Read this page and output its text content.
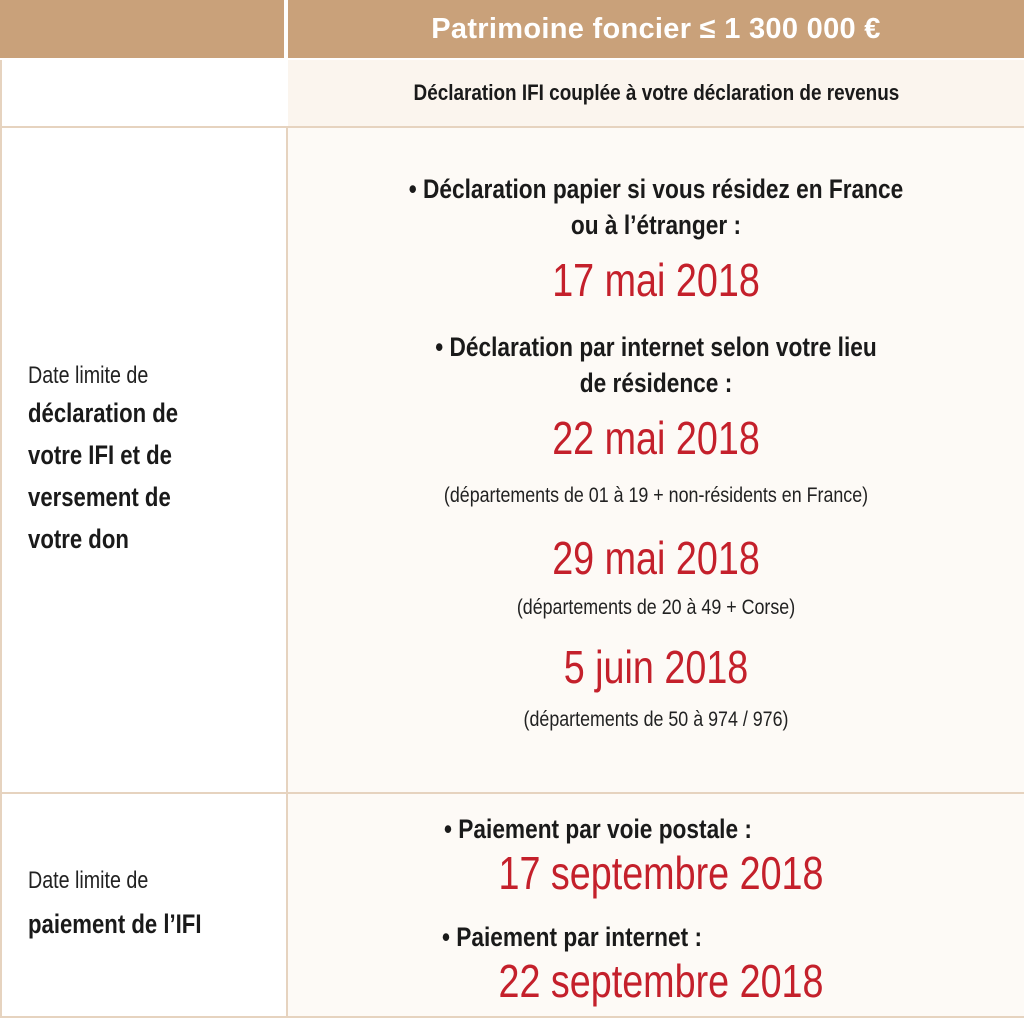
Patrimoine foncier ≤ 1 300 000 €
Déclaration IFI couplée à votre déclaration de revenus
Date limite de
déclaration de
votre IFI et de
versement de
votre don
• Déclaration papier si vous résidez en France
ou à l’étranger :
17 mai 2018
• Déclaration par internet selon votre lieu
de résidence :
22 mai 2018
(départements de 01 à 19 + non-résidents en France)
29 mai 2018
(départements de 20 à 49 + Corse)
5 juin 2018
(départements de 50 à 974 / 976)
Date limite de
paiement de l’IFI
• Paiement par voie postale :
17 septembre 2018
• Paiement par internet :
22 septembre 2018
